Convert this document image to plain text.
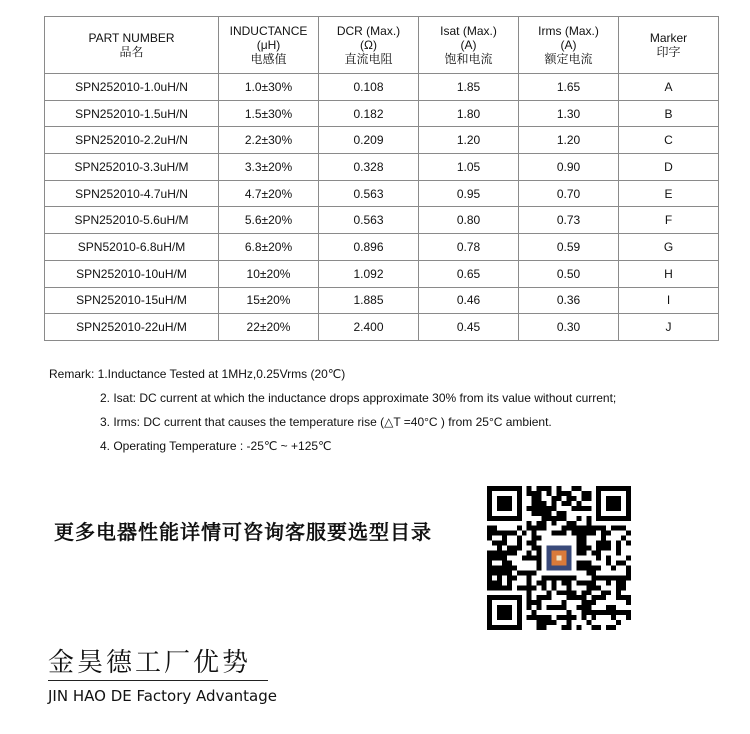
PART NUMBER
品名	INDUCTANCE
(μH)
电感值	DCR (Max.)
(Ω)
直流电阻	Isat (Max.)
(A)
饱和电流	Irms (Max.)
(A)
额定电流	Marker
印字

SPN252010-1.0uH/N	1.0±30%	0.108	1.85	1.65	A
SPN252010-1.5uH/N	1.5±30%	0.182	1.80	1.30	B
SPN252010-2.2uH/N	2.2±30%	0.209	1.20	1.20	C
SPN252010-3.3uH/M	3.3±20%	0.328	1.05	0.90	D
SPN252010-4.7uH/N	4.7±20%	0.563	0.95	0.70	E
SPN252010-5.6uH/M	5.6±20%	0.563	0.80	0.73	F
SPN52010-6.8uH/M	6.8±20%	0.896	0.78	0.59	G
SPN252010-10uH/M	10±20%	1.092	0.65	0.50	H
SPN252010-15uH/M	15±20%	1.885	0.46	0.36	I
SPN252010-22uH/M	22±20%	2.400	0.45	0.30	J
Remark: 1.Inductance Tested at 1MHz,0.25Vrms (20℃)
2. Isat: DC current at which the inductance drops approximate 30% from its value without current;
3. Irms: DC current that causes the temperature rise (△T =40°C ) from 25°C ambient.
4. Operating Temperature : -25℃ ~ +125℃
更多电器性能详情可咨询客服要选型目录
金昊德工厂优势
JIN HAO DE Factory Advantage
